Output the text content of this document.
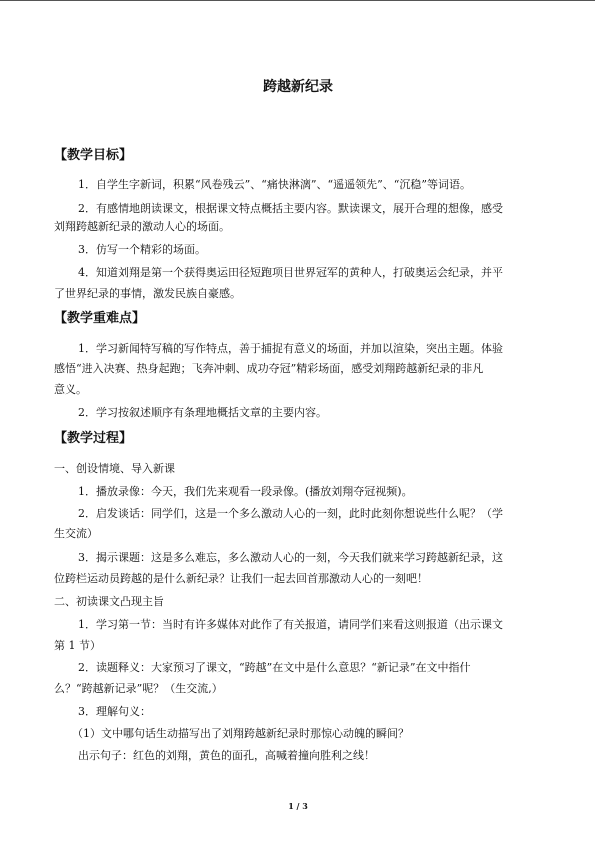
跨越新纪录
【教学目标】
1．自学生字新词，积累“风卷残云”、“痛快淋漓”、“遥遥领先”、“沉稳”等词语。
2．有感情地朗读课文，根据课文特点概括主要内容。默读课文，展开合理的想像，感受
刘翔跨越新纪录的激动人心的场面。
3．仿写一个精彩的场面。
4．知道刘翔是第一个获得奥运田径短跑项目世界冠军的黄种人，打破奥运会纪录，并平
了世界纪录的事情，激发民族自豪感。
【教学重难点】
1．学习新闻特写稿的写作特点，善于捕捉有意义的场面，并加以渲染，突出主题。体验
感悟“进入决赛、热身起跑；飞奔冲刺、成功夺冠”精彩场面，感受刘翔跨越新纪录的非凡
意义。
2．学习按叙述顺序有条理地概括文章的主要内容。
【教学过程】
一、创设情境、导入新课
1．播放录像：今天，我们先来观看一段录像。(播放刘翔夺冠视频)。
2．启发谈话：同学们，这是一个多么激动人心的一刻，此时此刻你想说些什么呢？（学
生交流）
3．揭示课题：这是多么难忘，多么激动人心的一刻，今天我们就来学习跨越新纪录，这
位跨栏运动员跨越的是什么新纪录？让我们一起去回首那激动人心的一刻吧！
二、初读课文凸现主旨
1．学习第一节：当时有许多媒体对此作了有关报道，请同学们来看这则报道（出示课文
第 1 节）
2．读题释义：大家预习了课文，“跨越”在文中是什么意思？“新记录”在文中指什
么？“跨越新记录”呢？（生交流,）
3．理解句义：
（1）文中哪句话生动描写出了刘翔跨越新纪录时那惊心动魄的瞬间？
出示句子：红色的刘翔，黄色的面孔，高喊着撞向胜利之线！
1 / 3
